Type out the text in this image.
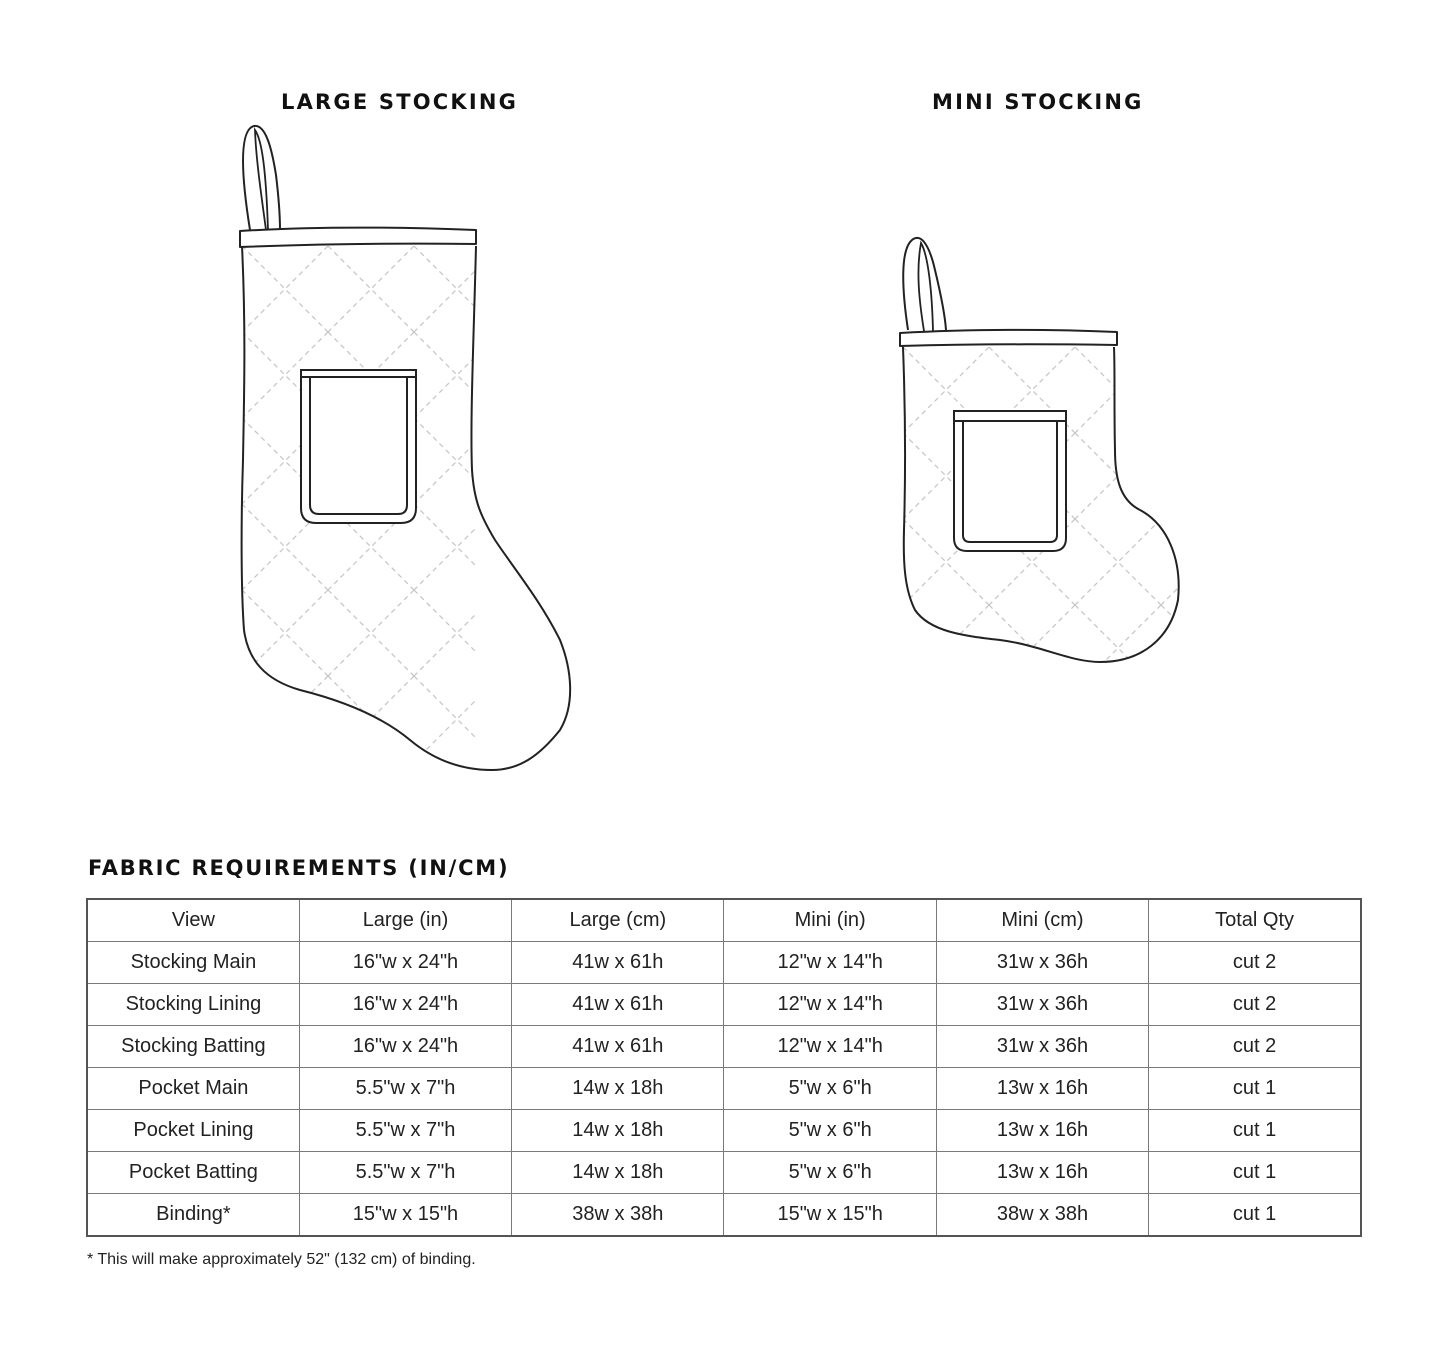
LARGE STOCKING	MINI STOCKING
FABRIC REQUIREMENTS (IN/CM)
View	Large (in)	Large (cm)	Mini (in)	Mini (cm)	Total Qty
Stocking Main	16"w x 24"h	41w x 61h	12"w x 14"h	31w x 36h	cut 2
Stocking Lining	16"w x 24"h	41w x 61h	12"w x 14"h	31w x 36h	cut 2
Stocking Batting	16"w x 24"h	41w x 61h	12"w x 14"h	31w x 36h	cut 2
Pocket Main	5.5"w x 7"h	14w x 18h	5"w x 6"h	13w x 16h	cut 1
Pocket Lining	5.5"w x 7"h	14w x 18h	5"w x 6"h	13w x 16h	cut 1
Pocket Batting	5.5"w x 7"h	14w x 18h	5"w x 6"h	13w x 16h	cut 1
Binding*	15"w x 15"h	38w x 38h	15"w x 15"h	38w x 38h	cut 1
* This will make approximately 52" (132 cm) of binding.
